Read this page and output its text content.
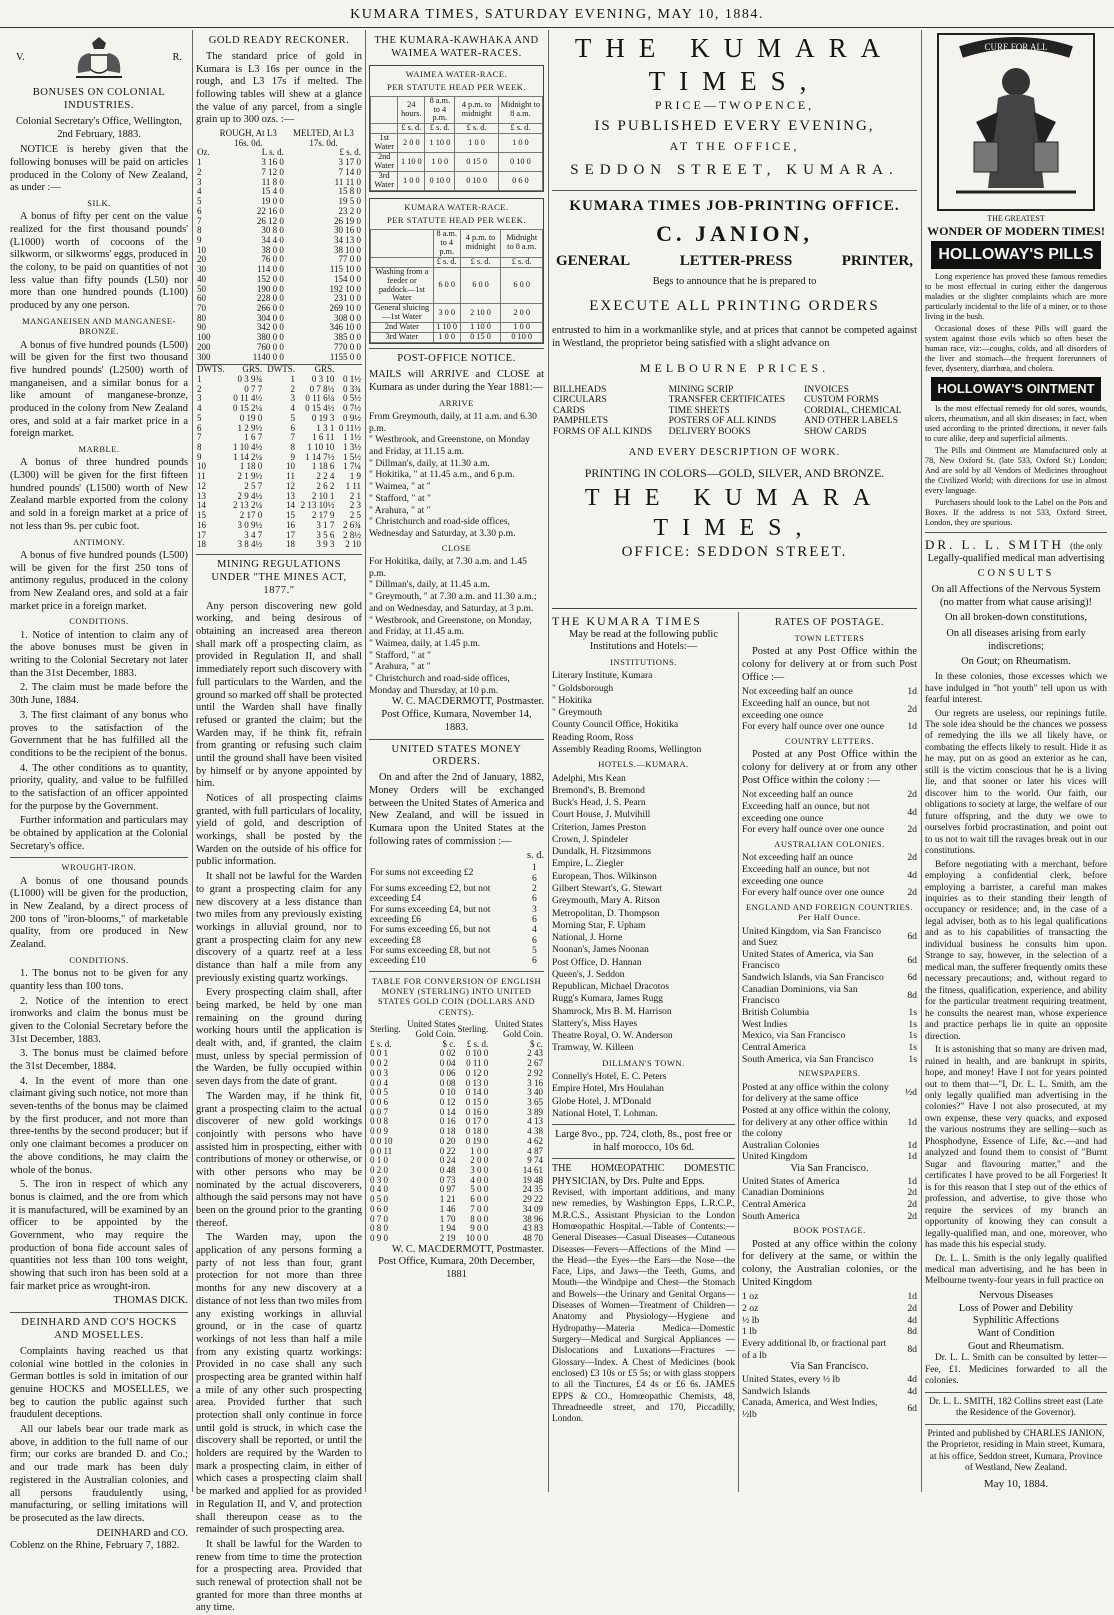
KUMARA TIMES, SATURDAY EVENING, MAY 10, 1884.
V.	R.
BONUSES ON COLONIAL INDUSTRIES.
Colonial Secretary's Office, Wellington, 2nd February, 1883.

NOTICE is hereby given that the following bonuses will be paid on articles produced in the Colony of New Zealand, as under :—

SILK.

A bonus of fifty per cent on the value realized for the first thousand pounds' (L1000) worth of cocoons of the silkworm, or silkworms' eggs, produced in the colony, to be paid on quantities of not less value than fifty pounds (L50) nor more than one hundred pounds (L100) produced by any one person.

MANGANEISEN AND MANGANESE-BRONZE.

A bonus of five hundred pounds (L500) will be given for the first two thousand five hundred pounds' (L2500) worth of manganeisen, and a similar bonus for a like amount of manganese-bronze, produced in the colony from New Zealand ores, and sold at a fair market price in a foreign market.

MARBLE.

A bonus of three hundred pounds (L300) will be given for the first fifteen hundred pounds' (L1500) worth of New Zealand marble exported from the colony and sold in a foreign market at a price of not less than 9s. per cubic foot.

ANTIMONY.

A bonus of five hundred pounds (L500) will be given for the first 250 tons of antimony regulus, produced in the colony from New Zealand ores, and sold at a fair market price in a foreign market.

CONDITIONS.

1. Notice of intention to claim any of the above bonuses must be given in writing to the Colonial Secretary not later than the 31st December, 1883.

2. The claim must be made before the 30th June, 1884.

3. The first claimant of any bonus who proves to the satisfaction of the Government that he has fulfilled all the conditions to be the recipient of the bonus.

4. The other conditions as to quantity, priority, quality, and value to be fulfilled to the satisfaction of an officer appointed for the purpose by the Government.

Further information and particulars may be obtained by application at the Colonial Secretary's office.

WROUGHT-IRON.

A bonus of one thousand pounds (L1000) will be given for the production, in New Zealand, by a direct process of 200 tons of "iron-blooms," of marketable quality, from ore produced in New Zealand.

CONDITIONS.

1. The bonus not to be given for any quantity less than 100 tons.

2. Notice of the intention to erect ironworks and claim the bonus must be given to the Colonial Secretary before the 31st December, 1883.

3. The bonus must be claimed before the 31st December, 1884.

4. In the event of more than one claimant giving such notice, not more than seven-tenths of the bonus may be claimed by the first producer, and not more than three-tenths by the second producer; but if only one claimant becomes a producer on the above conditions, he may claim the whole of the bonus.

5. The iron in respect of which any bonus is claimed, and the ore from which it is manufactured, will be examined by an officer to be appointed by the Government, who may require the production of bona fide account sales of quantities not less than 100 tons weight, showing that such iron has been sold at a fair market price as wrought-iron.

THOMAS DICK.
DEINHARD AND CO'S HOCKS AND MOSELLES.

Complaints having reached us that colonial wine bottled in the colonies in German bottles is sold in imitation of our genuine HOCKS and MOSELLES, we beg to caution the public against such fraudulent deceptions.

All our labels bear our trade mark as above, in addition to the full name of our firm; our corks are branded D. and Co.; and our trade mark has been duly registered in the Australian colonies, and all persons fraudulently using, manufacturing, or selling imitations will be prosecuted as the law directs.

DEINHARD and CO.
Coblenz on the Rhine, February 7, 1882.
GOLD READY RECKONER.

The standard price of gold in Kumara is L3 16s per ounce in the rough, and L3 17s if melted. The following tables will shew at a glance the value of any parcel, from a single grain up to 300 ozs. :—

	ROUGH, At L3 16s. 0d.	MELTED, At L3 17s. 0d.
Oz.	L s. d.	£ s. d.
1	3 16 0	3 17 0
2	7 12 0	7 14 0
3	11 8 0	11 11 0
4	15 4 0	15 8 0
5	19 0 0	19 5 0
6	22 16 0	23 2 0
7	26 12 0	26 19 0
8	30 8 0	30 16 0
9	34 4 0	34 13 0
10	38 0 0	38 10 0
20	76 0 0	77 0 0
30	114 0 0	115 10 0
40	152 0 0	154 0 0
50	190 0 0	192 10 0
60	228 0 0	231 0 0
70	266 0 0	269 10 0
80	304 0 0	308 0 0
90	342 0 0	346 10 0
100	380 0 0	385 0 0
200	760 0 0	770 0 0
300	1140 0 0	1155 0 0
DWTS.	GRS.	DWTS.	GRS.	
1	0 3 9¾	1	0 3 10	0 1½
2	0 7 7	2	0 7 8½	0 3¾
3	0 11 4½	3	0 11 6¼	0 5½
4	0 15 2¼	4	0 15 4½	0 7½
5	0 19 0	5	0 19 3	0 9½
6	1 2 9½	6	1 3 1	0 11½
7	1 6 7	7	1 6 11	1 1½
8	1 10 4½	8	1 10 10	1 3½
9	1 14 2¼	9	1 14 7½	1 5½
10	1 18 0	10	1 18 6	1 7¼
11	2 1 9½	11	2 2 4	1 9
12	2 5 7	12	2 6 2	1 11
13	2 9 4½	13	2 10 1	2 1
14	2 13 2¼	14	2 13 10½	2 3
15	2 17 0	15	2 17 9	2 5
16	3 0 9½	16	3 1 7	2 6¾
17	3 4 7	17	3 5 6	2 8½
18	3 8 4½	18	3 9 3	2 10
MINING REGULATIONS UNDER "THE MINES ACT, 1877."

Any person discovering new gold working, and being desirous of obtaining an increased area thereon shall mark off a prospecting claim, as provided in Regulation II, and shall immediately report such discovery with full particulars to the Warden, and the ground so marked off shall be protected until the Warden shall have finally refused or granted the claim; but the Warden may, if he think fit, refrain from granting or refusing such claim until the ground shall have been visited by himself or by anyone appointed by him.

Notices of all prospecting claims granted, with full particulars of locality, yield of gold, and description of workings, shall be posted by the Warden on the outside of his office for public information.

It shall not be lawful for the Warden to grant a prospecting claim for any new discovery at a less distance than two miles from any previously existing workings in alluvial ground, nor to grant a prospecting claim for any new discovery of a quartz reef at a less distance than half a mile from any previously existing quartz workings.

Every prospecting claim shall, after being marked, be held by one man remaining on the ground during working hours until the application is dealt with, and, if granted, the claim must, unless by special permission of the Warden, be fully occupied within seven days from the date of grant.

The Warden may, if he think fit, grant a prospecting claim to the actual discoverer of new gold workings conjointly with persons who have assisted him in prospecting, either with contributions of money or otherwise, or with other persons who may be nominated by the actual discoverers, although the said persons may not have been on the ground prior to the granting thereof.

The Warden may, upon the application of any persons forming a party of not less than four, grant protection for not more than three months for any new discovery at a distance of not less than two miles from any existing workings in alluvial ground, or in the case of quartz workings of not less than half a mile from any existing quartz workings: Provided in no case shall any such prospecting area be granted within half a mile of any other such prospecting area. Provided further that such protection shall only continue in force until gold is struck, in which case the discovery shall be reported, or until the holders are required by the Warden to mark a prospecting claim, in either of which cases a prospecting claim shall be marked and applied for as provided in Regulation II, and V, and protection shall thereupon cease as to the remainder of such prospecting area.

It shall be lawful for the Warden to renew from time to time the protection for a prospecting area. Provided that such renewal of protection shall not be granted for more than three months at any time.

THE KUMARA-KAWHAKA AND WAIMEA WATER-RACES.
WAIMEA WATER-RACE.
PER STATUTE HEAD PER WEEK.
	24 hours.	8 a.m. to 4 p.m.	4 p.m. to midnight	Midnight to 8 a.m.
	£ s. d.	£ s. d.	£ s. d.	£ s. d.
1st Water	2 0 0	1 10 0	1 0 0	1 0 0
2nd Water	1 10 0	1 0 0	0 15 0	0 10 0
3rd Water	1 0 0	0 10 0	0 10 0	0 6 0
KUMARA WATER-RACE.
PER STATUTE HEAD PER WEEK.
	8 a.m. to 4 p.m.	4 p.m. to midnight	Midnight to 8 a.m.
	£ s. d.	£ s. d.	£ s. d.
Washing from a feeder or paddock—1st Water	6 0 0	6 0 0	6 0 0
General sluicing—1st Water	3 0 0	2 10 0	2 0 0
2nd Water	1 10 0	1 10 0	1 0 0
3rd Water	1 0 0	0 15 0	0 10 0
POST-OFFICE NOTICE.

MAILS will ARRIVE and CLOSE at Kumara as under during the Year 1881:—

ARRIVE
From Greymouth, daily, at 11 a.m. and 6.30 p.m.
" Westbrook, and Greenstone, on Monday and Friday, at 11.15 a.m.
" Dillman's, daily, at 11.30 a.m.
" Hokitika, " at 11.45 a.m., and 6 p.m.
" Waimea, " at "
" Stafford, " at "
" Arahura, " at "
" Christchurch and road-side offices, Wednesday and Saturday, at 3.30 p.m.
CLOSE
For Hokitika, daily, at 7.30 a.m. and 1.45 p.m.
" Dillman's, daily, at 11.45 a.m.
" Greymouth, " at 7.30 a.m. and 11.30 a.m.; and on Wednesday, and Saturday, at 3 p.m.
" Westbrook, and Greenstone, on Monday, and Friday, at 11.45 a.m.
" Waimea, daily, at 1.45 p.m.
" Stafford, " at "
" Arahura, " at "
" Christchurch and road-side offices, Monday and Thursday, at 10 p.m.
W. C. MACDERMOTT, Postmaster.
Post Office, Kumara, November 14, 1883.
UNITED STATES MONEY ORDERS.

On and after the 2nd of January, 1882, Money Orders will be exchanged between the United States of America and New Zealand, and will be issued in Kumara upon the United States at the following rates of commission :—

s. d.
For sums not exceeding £2	1 6
For sums exceeding £2, but not exceeding £4	2 6
For sums exceeding £4, but not exceeding £6	3 6
For sums exceeding £6, but not exceeding £8	4 6
For sums exceeding £8, but not exceeding £10	5 6
TABLE FOR CONVERSION OF ENGLISH MONEY (STERLING) INTO UNITED STATES GOLD COIN (DOLLARS AND CENTS).
Sterling.	United States Gold Coin.	Sterling.	United States Gold Coin.
£ s. d.	$ c.	£ s. d.	$ c.
0 0 1	0 02	0 10 0	2 43
0 0 2	0 04	0 11 0	2 67
0 0 3	0 06	0 12 0	2 92
0 0 4	0 08	0 13 0	3 16
0 0 5	0 10	0 14 0	3 40
0 0 6	0 12	0 15 0	3 65
0 0 7	0 14	0 16 0	3 89
0 0 8	0 16	0 17 0	4 13
0 0 9	0 18	0 18 0	4 38
0 0 10	0 20	0 19 0	4 62
0 0 11	0 22	1 0 0	4 87
0 1 0	0 24	2 0 0	9 74
0 2 0	0 48	3 0 0	14 61
0 3 0	0 73	4 0 0	19 48
0 4 0	0 97	5 0 0	24 35
0 5 0	1 21	6 0 0	29 22
0 6 0	1 46	7 0 0	34 09
0 7 0	1 70	8 0 0	38 96
0 8 0	1 94	9 0 0	43 83
0 9 0	2 19	10 0 0	48 70
W. C. MACDERMOTT, Postmaster.
Post Office, Kumara, 20th December, 1881
THE KUMARA TIMES,
PRICE—TWOPENCE,
IS PUBLISHED EVERY EVENING,
AT THE OFFICE,
SEDDON STREET, KUMARA.
KUMARA TIMES JOB-PRINTING OFFICE.
C. JANION,
GENERAL	LETTER-PRESS	PRINTER,
Begs to announce that he is prepared to
EXECUTE ALL PRINTING ORDERS

entrusted to him in a workmanlike style, and at prices that cannot be competed against in Westland, the proprietor being satisfied with a slight advance on

MELBOURNE PRICES.
BILLHEADS	MINING SCRIP	INVOICES
CIRCULARS	TRANSFER CERTIFICATES	CUSTOM FORMS
CARDS	TIME SHEETS	CORDIAL, CHEMICAL
PAMPHLETS	POSTERS OF ALL KINDS	AND OTHER LABELS
FORMS OF ALL KINDS	DELIVERY BOOKS	SHOW CARDS
AND EVERY DESCRIPTION OF WORK.
PRINTING IN COLORS—GOLD, SILVER, AND BRONZE.
THE KUMARA TIMES,
OFFICE: SEDDON STREET.
THE KUMARA TIMES
May be read at the following public Institutions and Hotels:—
INSTITUTIONS.
Literary Institute, Kumara
" Goldsborough
" Hokitika
" Greymouth
County Council Office, Hokitika
Reading Room, Ross
Assembly Reading Rooms, Wellington
HOTELS.—KUMARA.
Adelphi, Mrs Kean
Bremond's, B. Bremond
Buck's Head, J. S. Pearn
Court House, J. Mulvihill
Criterion, James Preston
Crown, J. Spindeler
Dundalk, H. Fitzsimmons
Empire, L. Ziegler
European, Thos. Wilkinson
Gilbert Stewart's, G. Stewart
Greymouth, Mary A. Ritson
Metropolitan, D. Thompson
Morning Star, F. Upham
National, J. Horne
Noonan's, James Noonan
Post Office, D. Hannan
Queen's, J. Seddon
Republican, Michael Dracotos
Rugg's Kumara, James Rugg
Shamrock, Mrs B. M. Harrison
Slattery's, Miss Hayes
Theatre Royal, O. W. Anderson
Tramway, W. Killeen
DILLMAN'S TOWN.
Connelly's Hotel, E. C. Peters
Empire Hotel, Mrs Houlahan
Globe Hotel, J. M'Donald
National Hotel, T. Lohman.
Large 8vo., pp. 724, cloth, 8s., post free or in half morocco, 10s 6d.
THE HOMŒOPATHIC DOMESTIC PHYSICIAN, by Drs. Pulte and Epps.

Revised, with important additions, and many new remedies, by Washington Epps, L.R.C.P., M.R.C.S., Assistant Physician to the London Homœopathic Hospital.—Table of Contents:—General Diseases—Casual Diseases—Cutaneous Diseases—Fevers—Affections of the Mind —the Head—the Eyes—the Ears—the Nose—the Face, Lips, and Jaws—the Teeth, Gums, and Mouth—the Windpipe and Chest—the Stomach and Bowels—the Urinary and Genital Organs—Diseases of Women—Treatment of Children—Anatomy and Physiology—Hygiene and Hydropathy—Materia Medica—Domestic Surgery—Medical and Surgical Appliances —Dislocations and Luxations—Fractures —Glossary—Index. A Chest of Medicines (book enclosed) £3 10s or £5 5s; or with glass stoppers to all the Tinctures, £4 4s or £6 6s. JAMES EPPS & CO., Homœopathic Chemists, 48, Threadneedle street, and 170, Piccadilly, London.

RATES OF POSTAGE.
TOWN LETTERS

Posted at any Post Office within the colony for delivery at or from such Post Office :—

Not exceeding half an ounce	1d
Exceeding half an ounce, but not exceeding one ounce	2d
For every half ounce over one ounce	1d
COUNTRY LETTERS.

Posted at any Post Office within the colony for delivery at or from any other Post Office within the colony :—

Not exceeding half an ounce	2d
Exceeding half an ounce, but not exceeding one ounce	4d
For every half ounce over one ounce	2d
AUSTRALIAN COLONIES.
Not exceeding half an ounce	2d
Exceeding half an ounce, but not exceeding one ounce	4d
For every half ounce over one ounce	2d
ENGLAND AND FOREIGN COUNTRIES. Per Half Ounce.
United Kingdom, via San Francisco and Suez	6d
United States of America, via San Francisco	6d
Sandwich Islands, via San Francisco	6d
Canadian Dominions, via San Francisco	8d
British Columbia	1s
West Indies	1s
Mexico, via San Francisco	1s
Central America	1s
South America, via San Francisco	1s
NEWSPAPERS.
Posted at any office within the colony for delivery at the same office	½d
Posted at any office within the colony, for delivery at any other office within the colony	1d
Australian Colonies	1d
United Kingdom	1d
Via San Francisco.
United States of America	1d
Canadian Dominions	2d
Central America	2d
South America	2d
BOOK POSTAGE.

Posted at any office within the colony for delivery at the same, or within the colony, the Australian colonies, or the United Kingdom

1 oz	1d
2 oz	2d
½ lb	4d
1 lb	8d
Every additional lb, or fractional part of a lb	8d
Via San Francisco.
United States, every ½ lb	4d
Sandwich Islands	4d
Canada, America, and West Indies, ½lb	6d
CURE FOR ALL
THE GREATEST
WONDER OF MODERN TIMES!
HOLLOWAY'S PILLS

Long experience has proved these famous remedies to be most effectual in curing either the dangerous maladies or the slighter complaints which are more particularly incidental to the life of a miner, or to those living in the bush.

Occasional doses of these Pills will guard the system against those evils which so often beset the human race, viz:—coughs, colds, and all disorders of the liver and stomach—the frequent forerunners of fever, dysentery, diarrhœa, and cholera.

HOLLOWAY'S OINTMENT

Is the most effectual remedy for old sores, wounds, ulcers, rheumatism, and all skin diseases; in fact, when used according to the printed directions, it never fails to cure alike, deep and superficial ailments.

The Pills and Ointment are Manufactured only at 78, New Oxford St. (late 533, Oxford St.) London; And are sold by all Vendors of Medicines throughout the Civilized World; with directions for use in almost every language.

Purchasers should look to the Label on the Pots and Boxes. If the address is not 533, Oxford Street, London, they are spurious.

DR. L. L. SMITH (the only
Legally-qualified medical man advertising
CONSULTS
On all Affections of the Nervous System (no matter from what cause arising)!
On all broken-down constitutions,
On all diseases arising from early indiscretions;
On Gout; on Rheumatism.

In these colonies, those excesses which we have indulged in "hot youth" tell upon us with fearful interest.

Our regrets are useless, our repinings futile. The sole idea should be the chances we possess of remedying the ills we all likely have, or combating the effects likely to result. Hide it as he may, put on as good an exterior as he can, still is the victim conscious that he is a living lie, and that sooner or later his vices will discover him to the world. Our faith, our obligations to society at large, the welfare of our future offspring, and the duty we owe to ourselves forbid procrastination, and point out to us not to wait till the ravages break out in our constitutions.

Before negotiating with a merchant, before employing a confidential clerk, before employing a barrister, a careful man makes inquiries as to their standing their length of occupancy or residence; and, in the case of a legal adviser, both as to his legal qualifications and as to his capabilities of transacting the individual business he consults him upon. Strange to say, however, in the selection of a medical man, the sufferer frequently omits these necessary precautions; and, without regard to the fitness, qualification, experience, and ability for the particular treatment requiring treatment, he consults the nearest man, whose experience and practice perhaps lie in quite an opposite direction.

It is astonishing that so many are driven mad, ruined in health, and are bankrupt in spirits, hope, and money! Have I not for years pointed out to them that—"I, Dr. L. L. Smith, am the only legally qualified man advertising in the colonies?" Have I not also prosecuted, at my own expense, these very quacks, and exposed the various nostrums they are selling—such as Phosphodyne, Essence of Life, &c.—and had analyzed and found them to consist of "Burnt Sugar and flavouring matter," and the certificates I have proved to be all Forgeries! It is for this reason that I step out of the ethics of profession, and advertise, to give those who require the services of my branch an opportunity of knowing they can consult a legally-qualified man, and one, moreover, who has made this his especial study.

Dr. L. L. Smith is the only legally qualified medical man advertising, and he has been in Melbourne twenty-four years in full practice on

Nervous Diseases
Loss of Power and Debility
Syphilitic Affections
Want of Condition
Gout and Rheumatism.

Dr. L. L. Smith can be consulted by letter—Fee, £1. Medicines forwarded to all the colonies.

Dr. L. L. SMITH, 182 Collins street east (Late the Residence of the Governor).
Printed and published by CHARLES JANION, the Proprietor, residing in Main street, Kumara, at his office, Seddon street, Kumara, Province of Westland, New Zealand.
May 10, 1884.
